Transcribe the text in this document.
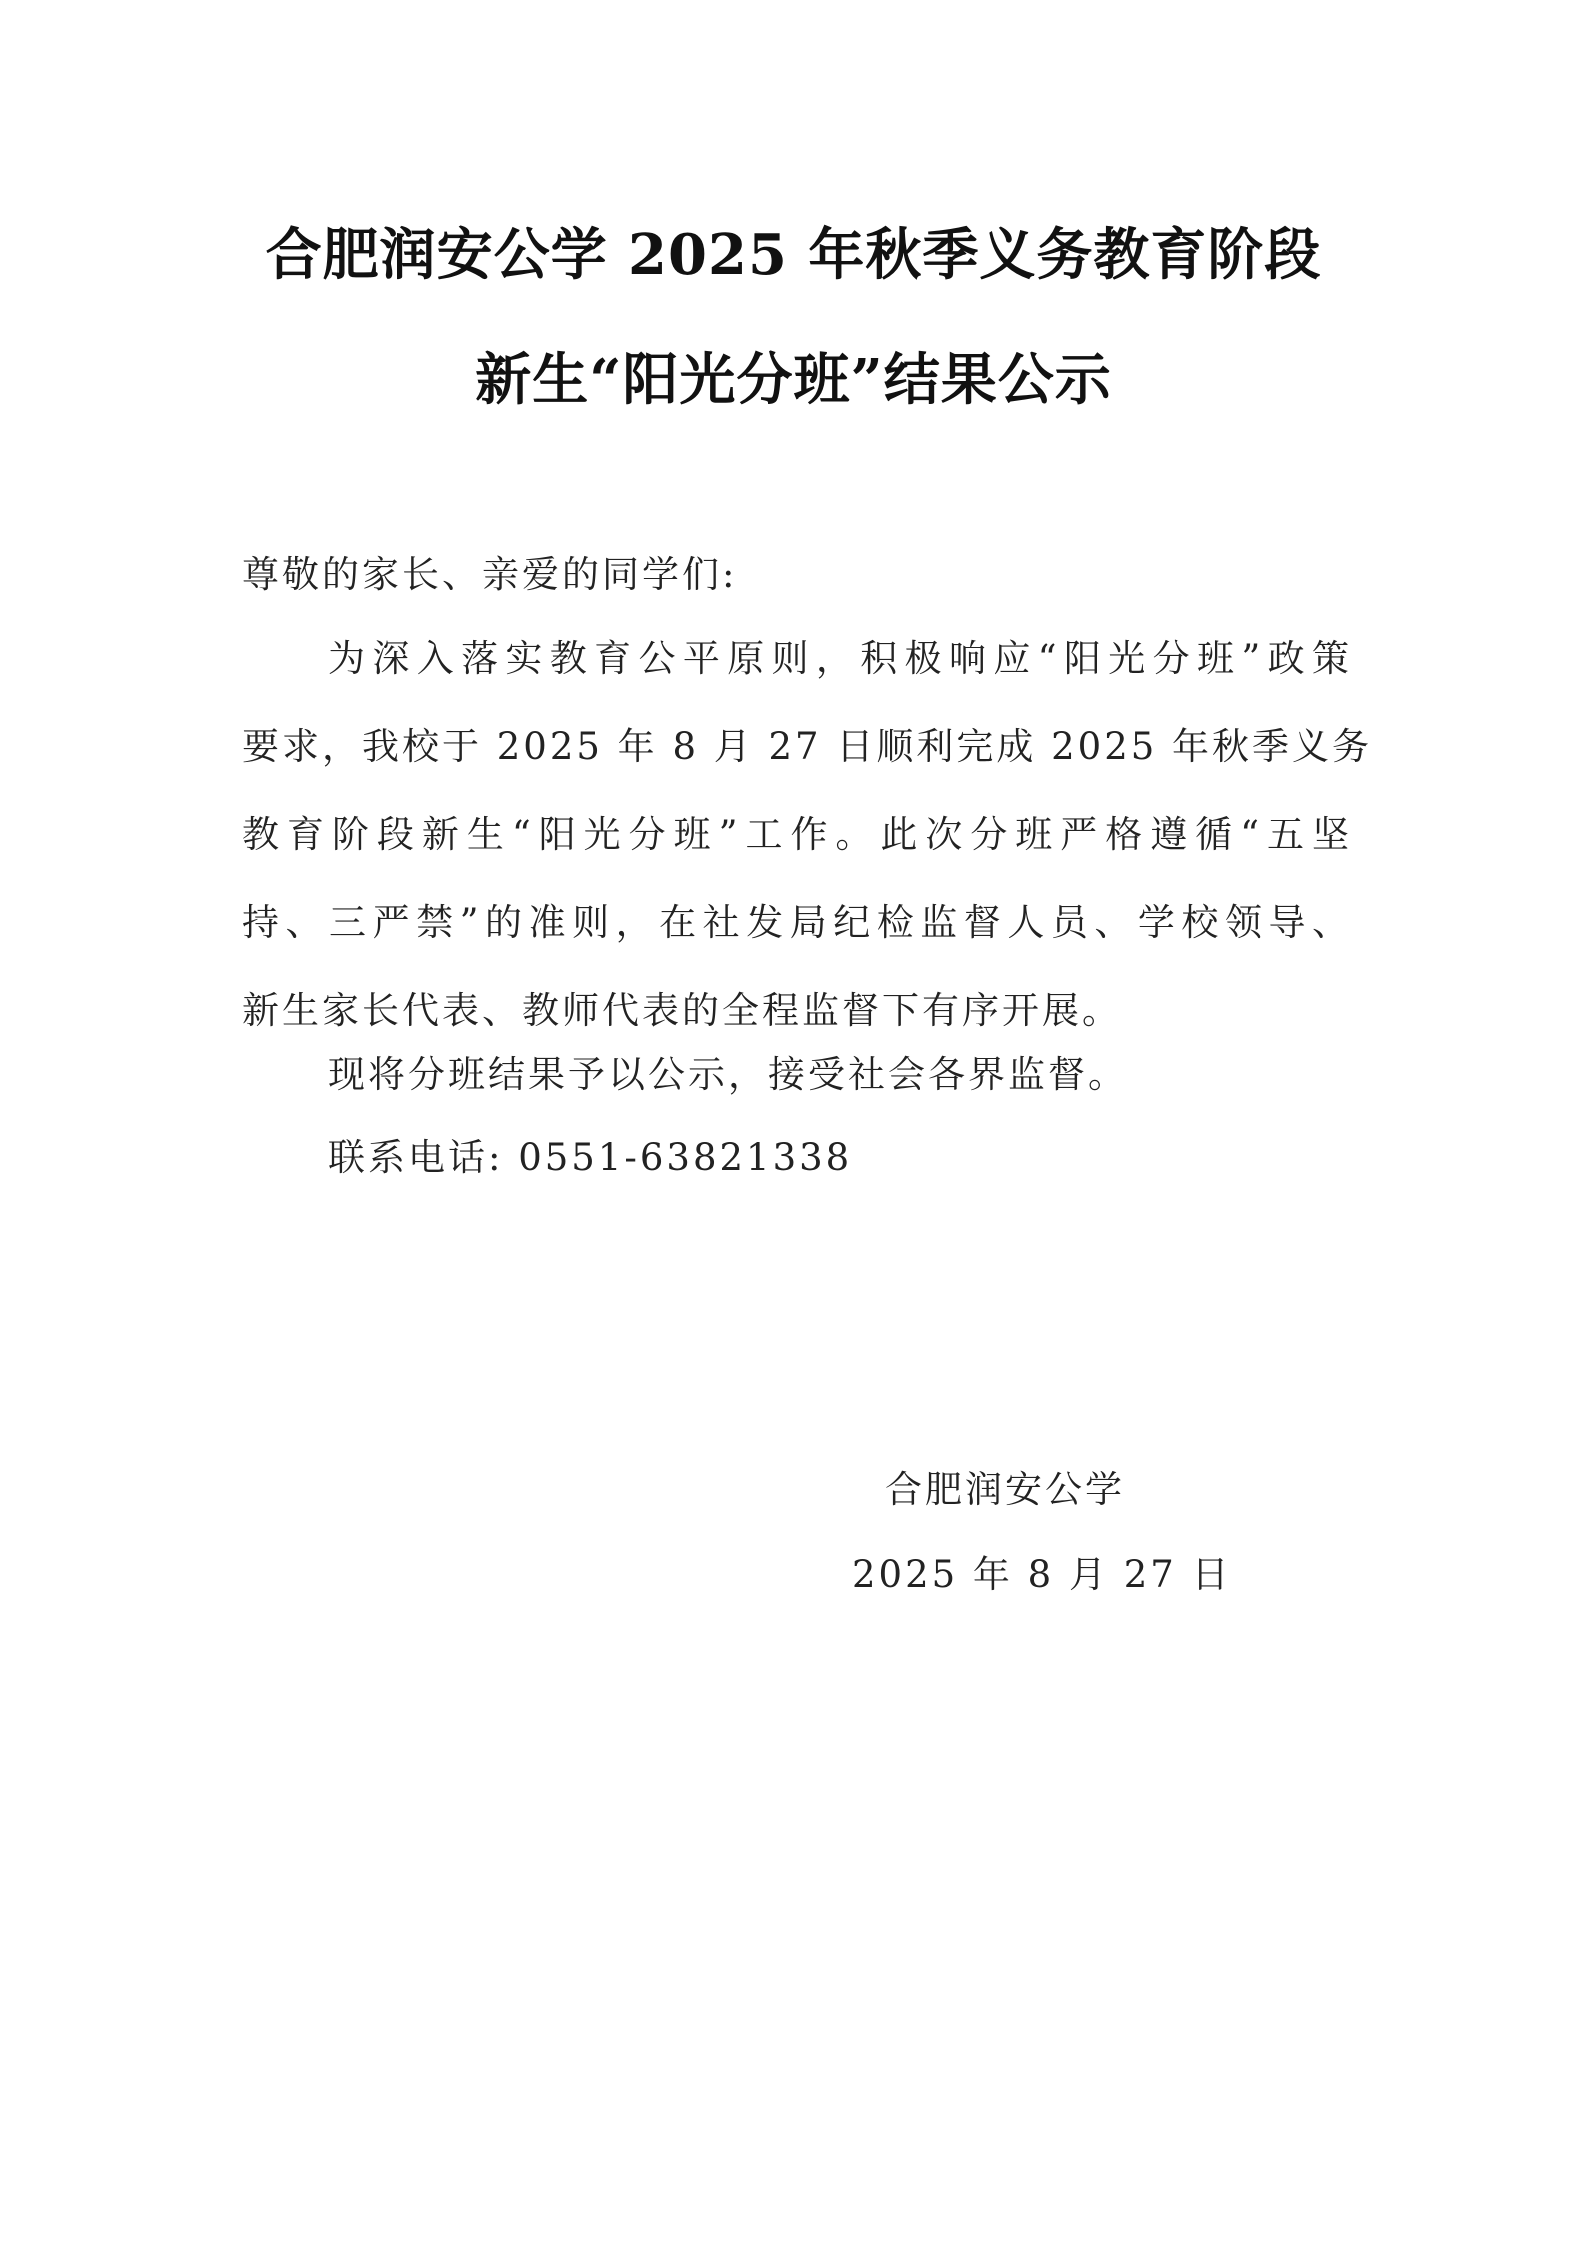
合肥润安公学 2025 年秋季义务教育阶段
新生“阳光分班”结果公示
尊敬的家长、亲爱的同学们:
为深入落实教育公平原则，积极响应“阳光分班”政策
要求，我校于 2025 年 8 月 27 日顺利完成 2025 年秋季义务
教育阶段新生“阳光分班”工作。此次分班严格遵循“五坚
持、三严禁”的准则，在社发局纪检监督人员、学校领导、
新生家长代表、教师代表的全程监督下有序开展。
现将分班结果予以公示，接受社会各界监督。
联系电话: 0551-63821338
合肥润安公学
2025 年 8 月 27 日
